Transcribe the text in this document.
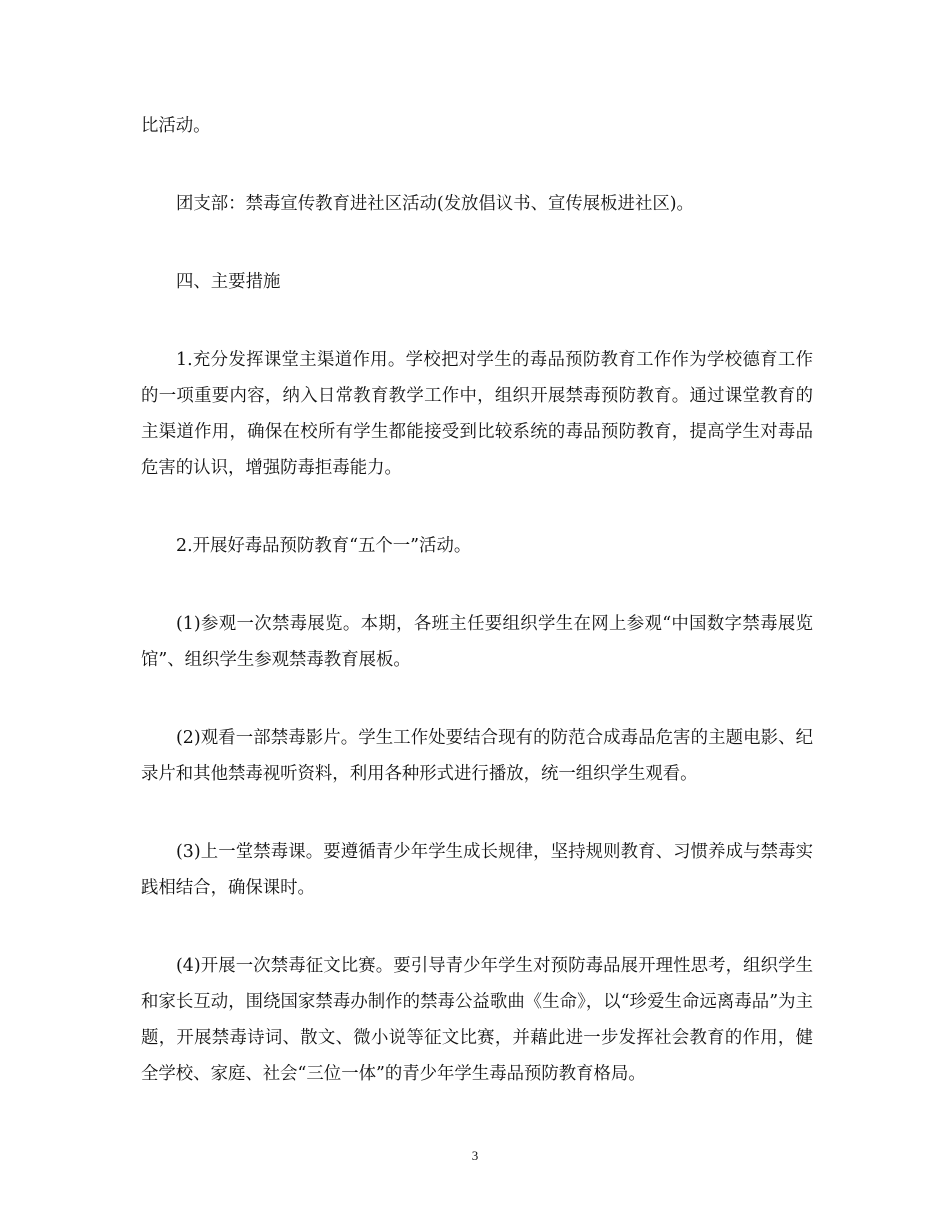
比活动。

团支部：禁毒宣传教育进社区活动(发放倡议书、宣传展板进社区)。

四、主要措施

1.充分发挥课堂主渠道作用。学校把对学生的毒品预防教育工作作为学校德育工作的一项重要内容，纳入日常教育教学工作中，组织开展禁毒预防教育。通过课堂教育的主渠道作用，确保在校所有学生都能接受到比较系统的毒品预防教育，提高学生对毒品危害的认识，增强防毒拒毒能力。

2.开展好毒品预防教育“五个一”活动。

(1)参观一次禁毒展览。本期，各班主任要组织学生在网上参观“中国数字禁毒展览馆”、组织学生参观禁毒教育展板。

(2)观看一部禁毒影片。学生工作处要结合现有的防范合成毒品危害的主题电影、纪录片和其他禁毒视听资料，利用各种形式进行播放，统一组织学生观看。

(3)上一堂禁毒课。要遵循青少年学生成长规律，坚持规则教育、习惯养成与禁毒实践相结合，确保课时。

(4)开展一次禁毒征文比赛。要引导青少年学生对预防毒品展开理性思考，组织学生和家长互动，围绕国家禁毒办制作的禁毒公益歌曲《生命》，以“珍爱生命远离毒品”为主题，开展禁毒诗词、散文、微小说等征文比赛，并藉此进一步发挥社会教育的作用，健全学校、家庭、社会“三位一体”的青少年学生毒品预防教育格局。

3
